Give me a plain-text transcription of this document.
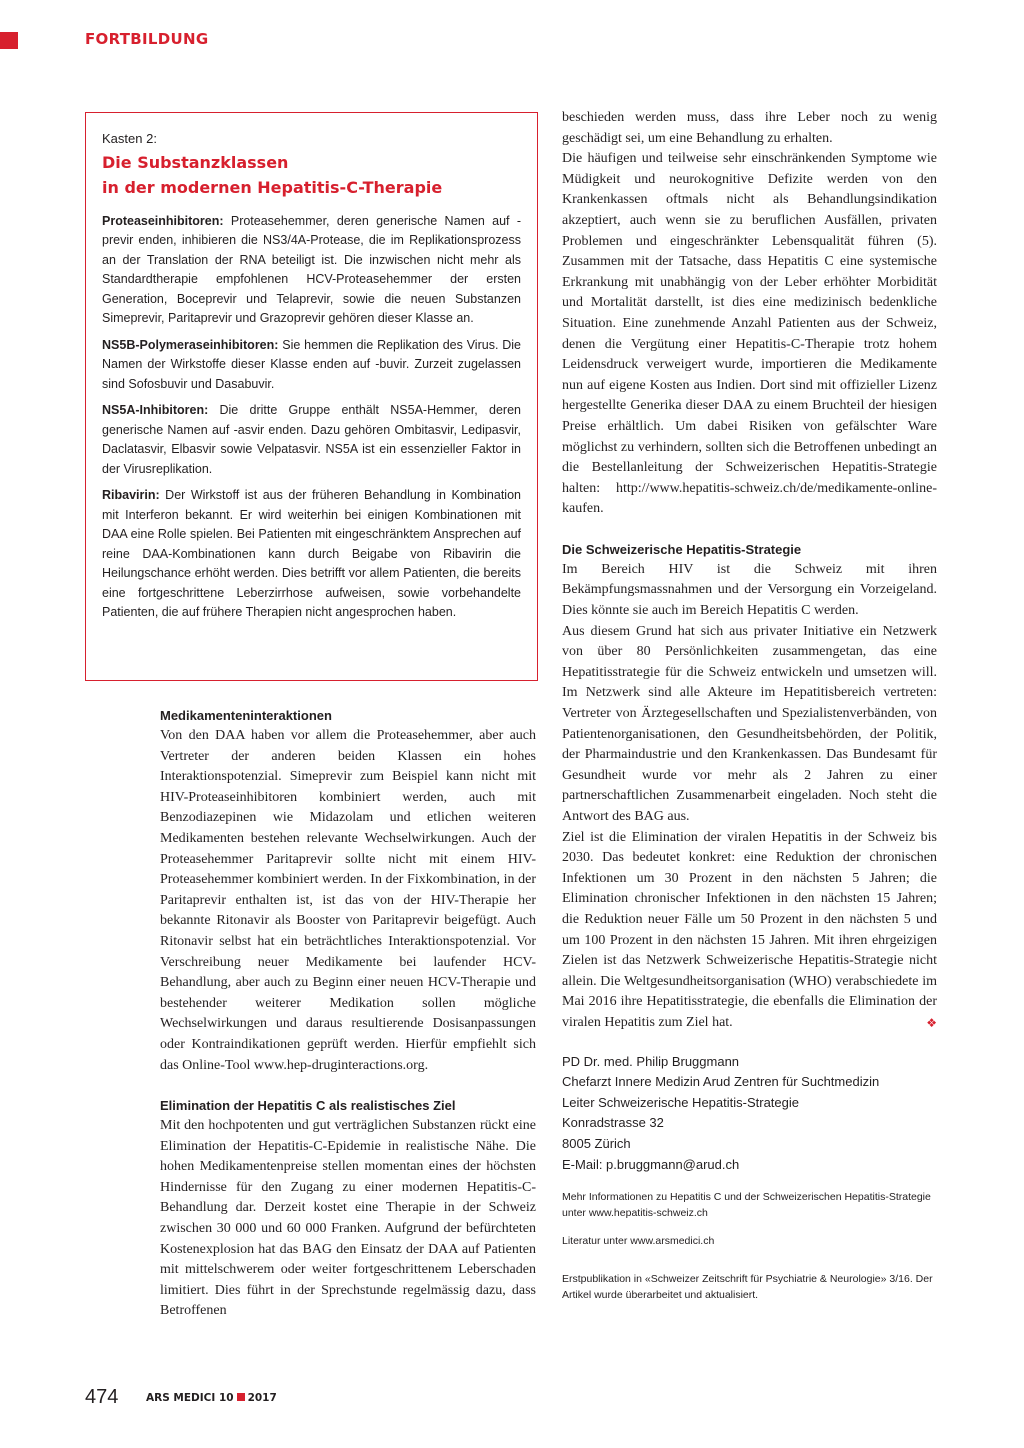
FORTBILDUNG
Kasten 2:
Die Substanzklassen
in der modernen Hepatitis-C-Therapie

Proteaseinhibitoren: Proteasehemmer, deren generische Namen auf -previr enden, inhibieren die NS3/4A-Protease, die im Replikationsprozess an der Translation der RNA beteiligt ist. Die inzwischen nicht mehr als Standardtherapie empfohlenen HCV-Proteasehemmer der ersten Generation, Boceprevir und Telaprevir, sowie die neuen Substanzen Simeprevir, Paritaprevir und Grazoprevir gehören dieser Klasse an.

NS5B-Polymeraseinhibitoren: Sie hemmen die Replikation des Virus. Die Namen der Wirkstoffe dieser Klasse enden auf -buvir. Zurzeit zugelassen sind Sofosbuvir und Dasabuvir.

NS5A-Inhibitoren: Die dritte Gruppe enthält NS5A-Hemmer, deren generische Namen auf -asvir enden. Dazu gehören Ombitasvir, Ledipasvir, Daclatasvir, Elbasvir sowie Velpatasvir. NS5A ist ein essenzieller Faktor in der Virusreplikation.

Ribavirin: Der Wirkstoff ist aus der früheren Behandlung in Kombination mit Interferon bekannt. Er wird weiterhin bei einigen Kombinationen mit DAA eine Rolle spielen. Bei Patienten mit eingeschränktem Ansprechen auf reine DAA-Kombinationen kann durch Beigabe von Ribavirin die Heilungschance erhöht werden. Dies betrifft vor allem Patienten, die bereits eine fortgeschrittene Leberzirrhose aufweisen, sowie vorbehandelte Patienten, die auf frühere Therapien nicht angesprochen haben.

Medikamenteninteraktionen

Von den DAA haben vor allem die Proteasehemmer, aber auch Vertreter der anderen beiden Klassen ein hohes Interaktionspotenzial. Simeprevir zum Beispiel kann nicht mit HIV-Proteaseinhibitoren kombiniert werden, auch mit Benzodiazepinen wie Midazolam und etlichen weiteren Medikamenten bestehen relevante Wechselwirkungen. Auch der Proteasehemmer Paritaprevir sollte nicht mit einem HIV-Proteasehemmer kombiniert werden. In der Fixkombination, in der Paritaprevir enthalten ist, ist das von der HIV-Therapie her bekannte Ritonavir als Booster von Paritaprevir beigefügt. Auch Ritonavir selbst hat ein beträchtliches Interaktionspotenzial. Vor Verschreibung neuer Medikamente bei laufender HCV-Behandlung, aber auch zu Beginn einer neuen HCV-Therapie und bestehender weiterer Medikation sollen mögliche Wechselwirkungen und daraus resultierende Dosisanpassungen oder Kontraindikationen geprüft werden. Hierfür empfiehlt sich das Online-Tool www.hep-druginteractions.org.

Elimination der Hepatitis C als realistisches Ziel

Mit den hochpotenten und gut verträglichen Substanzen rückt eine Elimination der Hepatitis-C-Epidemie in realistische Nähe. Die hohen Medikamentenpreise stellen momentan eines der höchsten Hindernisse für den Zugang zu einer modernen Hepatitis-C-Behandlung dar. Derzeit kostet eine Therapie in der Schweiz zwischen 30 000 und 60 000 Franken. Aufgrund der befürchteten Kostenexplosion hat das BAG den Einsatz der DAA auf Patienten mit mittelschwerem oder weiter fortgeschrittenem Leberschaden limitiert. Dies führt in der Sprechstunde regelmässig dazu, dass Betroffenen

beschieden werden muss, dass ihre Leber noch zu wenig geschädigt sei, um eine Behandlung zu erhalten.

Die häufigen und teilweise sehr einschränkenden Symptome wie Müdigkeit und neurokognitive Defizite werden von den Krankenkassen oftmals nicht als Behandlungsindikation akzeptiert, auch wenn sie zu beruflichen Ausfällen, privaten Problemen und eingeschränkter Lebensqualität führen (5). Zusammen mit der Tatsache, dass Hepatitis C eine systemische Erkrankung mit unabhängig von der Leber erhöhter Morbidität und Mortalität darstellt, ist dies eine medizinisch bedenkliche Situation. Eine zunehmende Anzahl Patienten aus der Schweiz, denen die Vergütung einer Hepatitis-C-Therapie trotz hohem Leidensdruck verweigert wurde, importieren die Medikamente nun auf eigene Kosten aus Indien. Dort sind mit offizieller Lizenz hergestellte Generika dieser DAA zu einem Bruchteil der hiesigen Preise erhältlich. Um dabei Risiken von gefälschter Ware möglichst zu verhindern, sollten sich die Betroffenen unbedingt an die Bestellanleitung der Schweizerischen Hepatitis-Strategie halten: http://www.hepatitis-schweiz.ch/de/medikamente-online-kaufen.

Die Schweizerische Hepatitis-Strategie

Im Bereich HIV ist die Schweiz mit ihren Bekämpfungsmassnahmen und der Versorgung ein Vorzeigeland. Dies könnte sie auch im Bereich Hepatitis C werden.

Aus diesem Grund hat sich aus privater Initiative ein Netzwerk von über 80 Persönlichkeiten zusammengetan, das eine Hepatitisstrategie für die Schweiz entwickeln und umsetzen will. Im Netzwerk sind alle Akteure im Hepatitisbereich vertreten: Vertreter von Ärztegesellschaften und Spezialistenverbänden, von Patientenorganisationen, den Gesundheitsbehörden, der Politik, der Pharmaindustrie und den Krankenkassen. Das Bundesamt für Gesundheit wurde vor mehr als 2 Jahren zu einer partnerschaftlichen Zusammenarbeit eingeladen. Noch steht die Antwort des BAG aus.

Ziel ist die Elimination der viralen Hepatitis in der Schweiz bis 2030. Das bedeutet konkret: eine Reduktion der chronischen Infektionen um 30 Prozent in den nächsten 5 Jahren; die Elimination chronischer Infektionen in den nächsten 15 Jahren; die Reduktion neuer Fälle um 50 Prozent in den nächsten 5 und um 100 Prozent in den nächsten 15 Jahren. Mit ihren ehrgeizigen Zielen ist das Netzwerk Schweizerische Hepatitis-Strategie nicht allein. Die Weltgesundheitsorganisation (WHO) verabschiedete im Mai 2016 ihre Hepatitisstrategie, die ebenfalls die Elimination der viralen Hepatitis zum Ziel hat.	❖

PD Dr. med. Philip Bruggmann
Chefarzt Innere Medizin Arud Zentren für Suchtmedizin
Leiter Schweizerische Hepatitis-Strategie
Konradstrasse 32
8005 Zürich
E-Mail: p.bruggmann@arud.ch
Mehr Informationen zu Hepatitis C und der Schweizerischen Hepatitis-Strategie unter www.hepatitis-schweiz.ch
Literatur unter www.arsmedici.ch
Erstpublikation in «Schweizer Zeitschrift für Psychiatrie & Neurologie» 3/16. Der Artikel wurde überarbeitet und aktualisiert.
474	ARS MEDICI 10 2017
